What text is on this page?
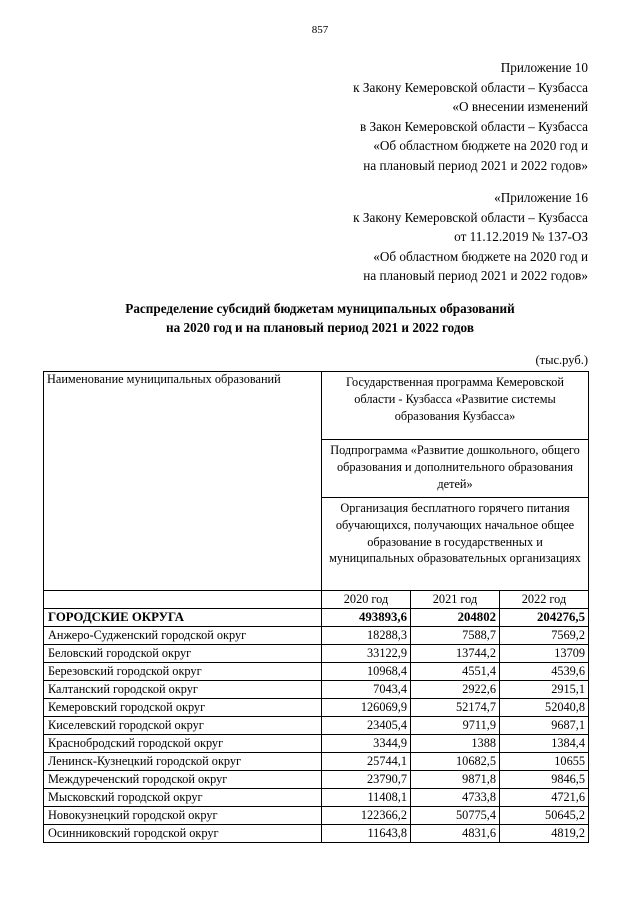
857
Приложение 10
к Закону Кемеровской области – Кузбасса
«О внесении изменений
в Закон Кемеровской области – Кузбасса
«Об областном бюджете на 2020 год и
на плановый период 2021 и 2022 годов»
«Приложение 16
к Закону Кемеровской области – Кузбасса
от 11.12.2019 № 137-ОЗ
«Об областном бюджете на 2020 год и
на плановый период 2021 и 2022 годов»
Распределение субсидий бюджетам муниципальных образований
на 2020 год и на плановый период 2021 и 2022 годов
(тыс.руб.)
Наименование муниципальных образований	Государственная программа Кемеровской области - Кузбасса «Развитие системы образования Кузбасса»		
	Подпрограмма «Развитие дошкольного, общего образования и дополнительного образования детей»		
	Организация бесплатного горячего питания обучающихся, получающих начальное общее образование в государственных и муниципальных образовательных организациях		
	2020 год	2021 год	2022 год
ГОРОДСКИЕ ОКРУГА	493893,6	204802	204276,5
Анжеро-Судженский городской округ	18288,3	7588,7	7569,2
Беловский городской округ	33122,9	13744,2	13709
Березовский городской округ	10968,4	4551,4	4539,6
Калтанский городской округ	7043,4	2922,6	2915,1
Кемеровский городской округ	126069,9	52174,7	52040,8
Киселевский городской округ	23405,4	9711,9	9687,1
Краснобродский городской округ	3344,9	1388	1384,4
Ленинск-Кузнецкий городской округ	25744,1	10682,5	10655
Междуреченский городской округ	23790,7	9871,8	9846,5
Мысковский городской округ	11408,1	4733,8	4721,6
Новокузнецкий городской округ	122366,2	50775,4	50645,2
Осинниковский городской округ	11643,8	4831,6	4819,2
